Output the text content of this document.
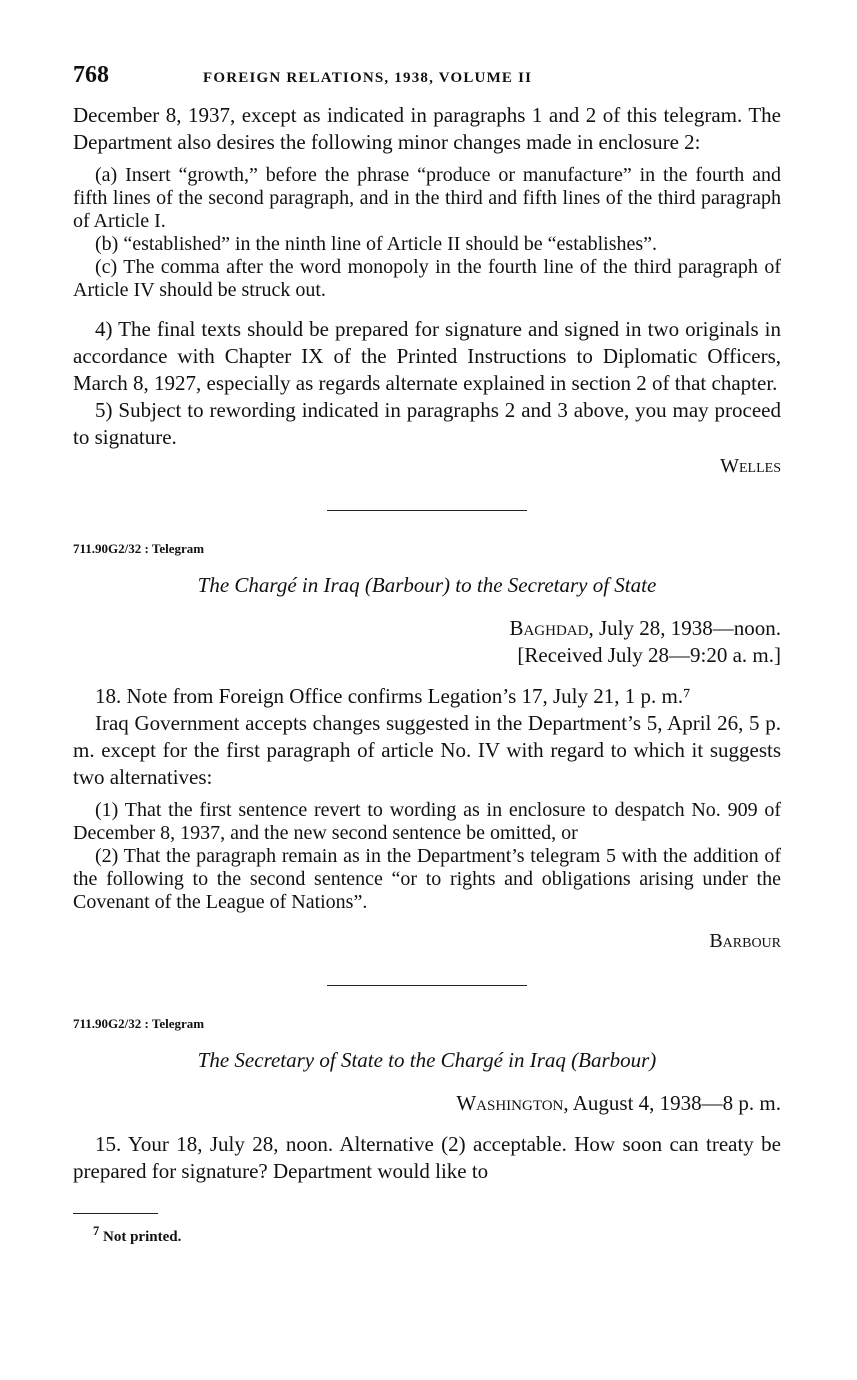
768	FOREIGN RELATIONS, 1938, VOLUME II

December 8, 1937, except as indicated in paragraphs 1 and 2 of this telegram. The Department also desires the following minor changes made in enclosure 2:

(a) Insert “growth,” before the phrase “produce or manufacture” in the fourth and fifth lines of the second paragraph, and in the third and fifth lines of the third paragraph of Article I.

(b) “established” in the ninth line of Article II should be “establishes”.

(c) The comma after the word monopoly in the fourth line of the third paragraph of Article IV should be struck out.

4) The final texts should be prepared for signature and signed in two originals in accordance with Chapter IX of the Printed Instructions to Diplomatic Officers, March 8, 1927, especially as regards alternate explained in section 2 of that chapter.

5) Subject to rewording indicated in paragraphs 2 and 3 above, you may proceed to signature.

Welles

711.90G2/32 : Telegram

The Chargé in Iraq (Barbour) to the Secretary of State

Baghdad, July 28, 1938—noon.
[Received July 28—9:20 a. m.]

18. Note from Foreign Office confirms Legation’s 17, July 21, 1 p. m.⁷

Iraq Government accepts changes suggested in the Department’s 5, April 26, 5 p. m. except for the first paragraph of article No. IV with regard to which it suggests two alternatives:

(1) That the first sentence revert to wording as in enclosure to despatch No. 909 of December 8, 1937, and the new second sentence be omitted, or

(2) That the paragraph remain as in the Department’s telegram 5 with the addition of the following to the second sentence “or to rights and obligations arising under the Covenant of the League of Nations”.

Barbour

711.90G2/32 : Telegram

The Secretary of State to the Chargé in Iraq (Barbour)

Washington, August 4, 1938—8 p. m.

15. Your 18, July 28, noon. Alternative (2) acceptable. How soon can treaty be prepared for signature? Department would like to

$^7$ Not printed.
